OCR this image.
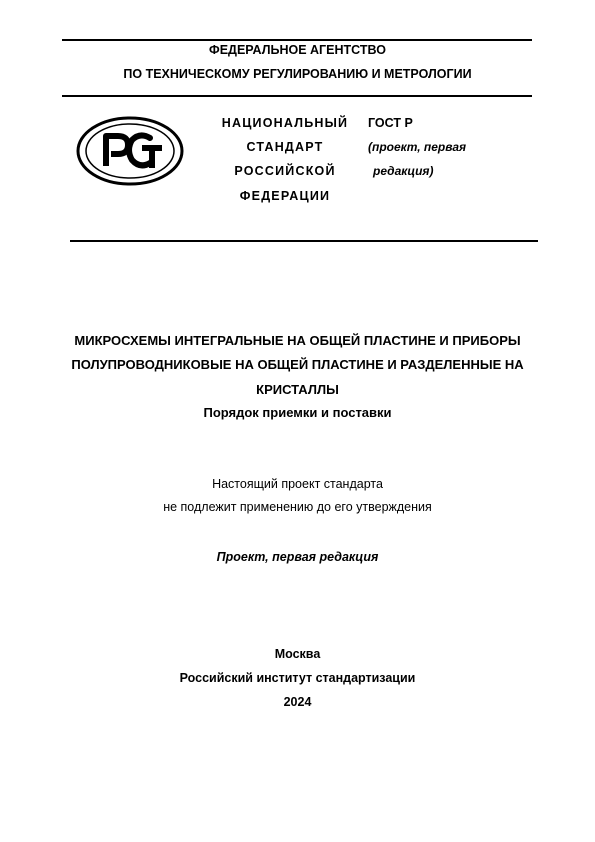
ФЕДЕРАЛЬНОЕ АГЕНТСТВО
ПО ТЕХНИЧЕСКОМУ РЕГУЛИРОВАНИЮ И МЕТРОЛОГИИ
НАЦИОНАЛЬНЫЙ
СТАНДАРТ
РОССИЙСКОЙ
ФЕДЕРАЦИИ
ГОСТ Р
(проект, первая
редакция)
МИКРОСХЕМЫ ИНТЕГРАЛЬНЫЕ НА ОБЩЕЙ ПЛАСТИНЕ И ПРИБОРЫ
ПОЛУПРОВОДНИКОВЫЕ НА ОБЩЕЙ ПЛАСТИНЕ И РАЗДЕЛЕННЫЕ НА
КРИСТАЛЛЫ
Порядок приемки и поставки
Настоящий проект стандарта
не подлежит применению до его утверждения
Проект, первая редакция
Москва
Российский институт стандартизации
2024
